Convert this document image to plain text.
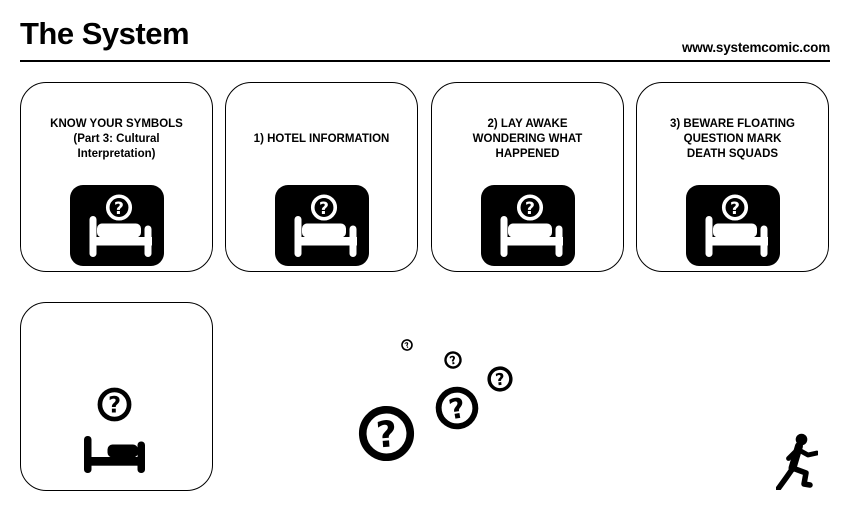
The System	www.systemcomic.com
KNOW YOUR SYMBOLS
(Part 3: Cultural
Interpretation)
1) HOTEL INFORMATION
2) LAY AWAKE
WONDERING WHAT
HAPPENED
3) BEWARE FLOATING
QUESTION MARK
DEATH SQUADS
